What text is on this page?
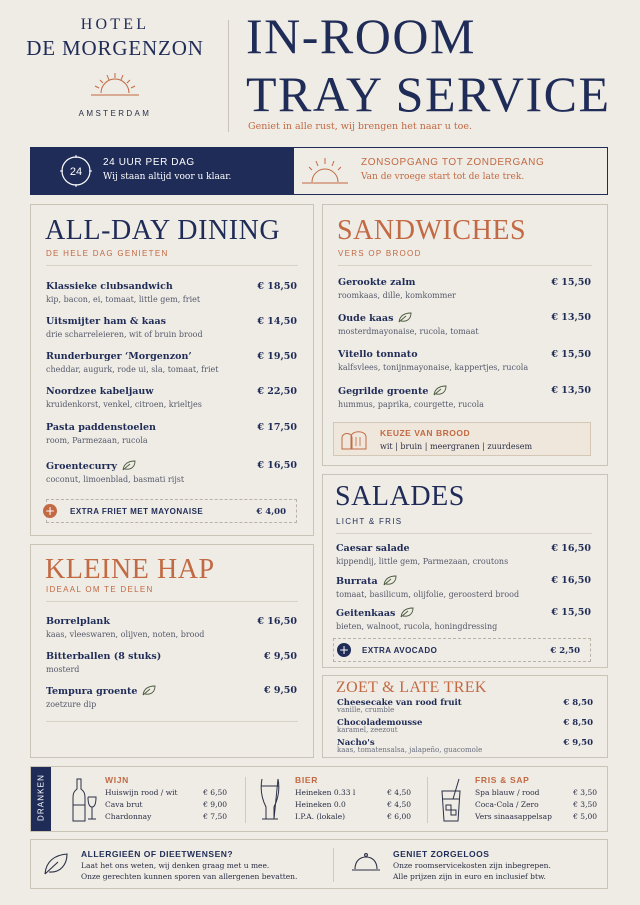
HOTEL
DE MORGENZON
AMSTERDAM
IN-ROOM
TRAY SERVICE
Geniet in alle rust, wij brengen het naar u toe.
24
24 UUR PER DAG
Wij staan altijd voor u klaar.
ZONSOPGANG TOT ZONDERGANG
Van de vroege start tot de late trek.
ALL-DAY DINING
DE HELE DAG GENIETEN
Klassieke clubsandwich
kip, bacon, ei, tomaat, little gem, friet
€ 18,50
Uitsmijter ham & kaas
drie scharreleieren, wit of bruin brood
€ 14,50
Runderburger ‘Morgenzon’
cheddar, augurk, rode ui, sla, tomaat, friet
€ 19,50
Noordzee kabeljauw
kruidenkorst, venkel, citroen, krieltjes
€ 22,50
Pasta paddenstoelen
room, Parmezaan, rucola
€ 17,50
Groentecurry
coconut, limoenblad, basmati rijst
€ 16,50
+ EXTRA FRIET MET MAYONAISE	€ 4,00
KLEINE HAP
IDEAAL OM TE DELEN
Borrelplank
kaas, vleeswaren, olijven, noten, brood
€ 16,50
Bitterballen (8 stuks)
mosterd
€ 9,50
Tempura groente
zoetzure dip
€ 9,50
SANDWICHES
VERS OP BROOD
Gerookte zalm
roomkaas, dille, komkommer
€ 15,50
Oude kaas
mosterdmayonaise, rucola, tomaat
€ 13,50
Vitello tonnato
kalfsvlees, tonijnmayonaise, kappertjes, rucola
€ 15,50
Gegrilde groente
hummus, paprika, courgette, rucola
€ 13,50
KEUZE VAN BROOD
wit | bruin | meergranen | zuurdesem
SALADES
LICHT & FRIS
Caesar salade
kippendij, little gem, Parmezaan, croutons
€ 16,50
Burrata
tomaat, basilicum, olijfolie, geroosterd brood
€ 16,50
Geitenkaas
bieten, walnoot, rucola, honingdressing
€ 15,50
+ EXTRA AVOCADO	€ 2,50
ZOET & LATE TREK
Cheesecake van rood fruit
vanille, crumble
€ 8,50
Chocolademousse
karamel, zeezout
€ 8,50
Nacho's
kaas, tomatensalsa, jalapeño, guacomole
€ 9,50
DRANKEN	WIJN
Huiswijn rood / wit	€ 6,50
Cava brut	€ 9,00
Chardonnay	€ 7,50
BIER
Heineken 0.33 l	€ 4,50
Heineken 0.0	€ 4,50
I.P.A. (lokale)	€ 6,00
FRIS & SAP
Spa blauw / rood	€ 3,50
Coca-Cola / Zero	€ 3,50
Vers sinaasappelsap	€ 5,00
ALLERGIEËN OF DIEETWENSEN?
Laat het ons weten, wij denken graag met u mee.
Onze gerechten kunnen sporen van allergenen bevatten.
GENIET ZORGELOOS
Onze roomservicekosten zijn inbegrepen.
Alle prijzen zijn in euro en inclusief btw.
